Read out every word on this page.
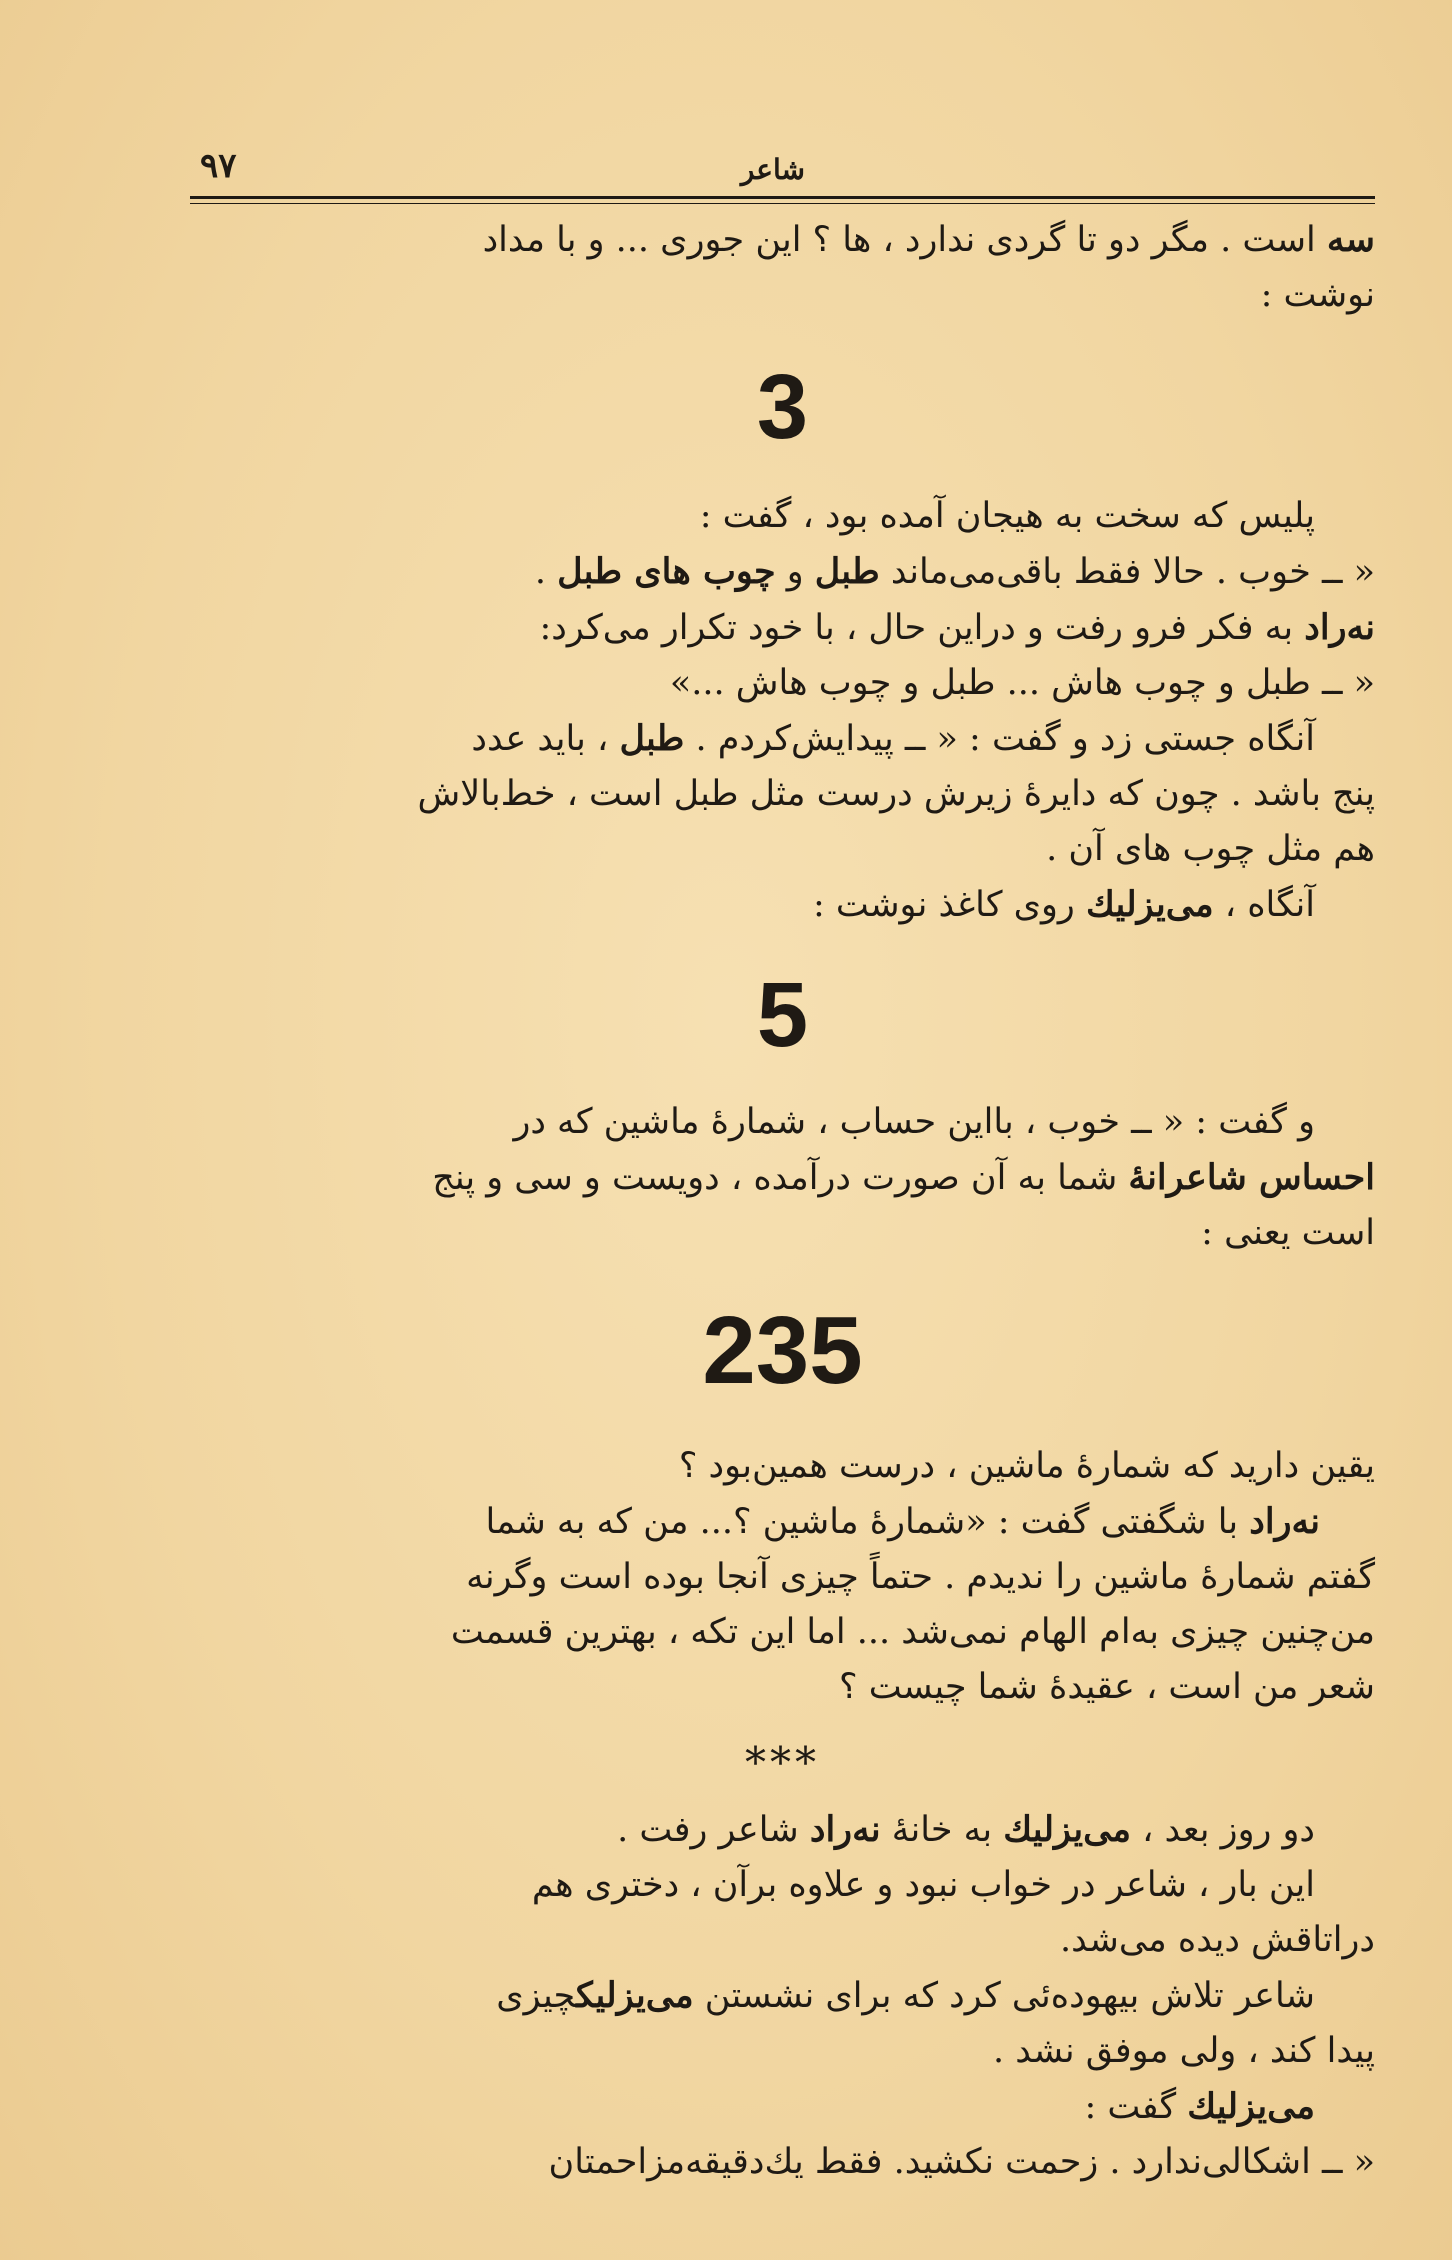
شاعر
۹۷

سه است . مگر دو تا گردی ندارد ، ها ؟ این جوری ... و با مداد

نوشت :

3

پلیس که سخت به هیجان آمده بود ، گفت :

« ــ خوب . حالا فقط باقی‌می‌ماند طبل و چوب های طبل .

نه‌راد به فکر فرو رفت و دراین حال ، با خود تکرار می‌کرد:

« ــ طبل و چوب هاش ... طبل و چوب هاش ...»

آنگاه جستی زد و گفت : « ــ پیدایش‌کردم . طبل ، باید عدد

پنج باشد . چون که دایرهٔ زیرش درست مثل طبل است ، خط‌بالاش

هم مثل چوب های آن .

آنگاه ، می‌یزلیك روی کاغذ نوشت :

5

و گفت : « ــ خوب ، بااین حساب ، شمارهٔ ماشین که در

احساس شاعرانهٔ شما به آن صورت درآمده ، دویست و سی و پنج

است یعنی :

235

یقین دارید که شمارهٔ ماشین ، درست همین‌بود ؟

نه‌راد با شگفتی گفت : «شمارهٔ ماشین ؟... من که به شما

گفتم شمارهٔ ماشین را ندیدم . حتماً چیزی آنجا بوده است وگرنه

من‌چنین چیزی به‌ام الهام نمی‌شد ... اما این تکه ، بهترین قسمت

شعر من است ، عقیدهٔ شما چیست ؟

***

دو روز بعد ، می‌یزلیك به خانهٔ نه‌راد شاعر رفت .

این بار ، شاعر در خواب نبود و علاوه برآن ، دختری هم

دراتاقش دیده می‌شد.

شاعر تلاش بیهوده‌ئی کرد که برای نشستن می‌یزلیكچیزی

پیدا کند ، ولی موفق نشد .

می‌یزلیك گفت :

« ــ اشکالی‌ندارد . زحمت نکشید. فقط یك‌دقیقه‌مزاحمتان
